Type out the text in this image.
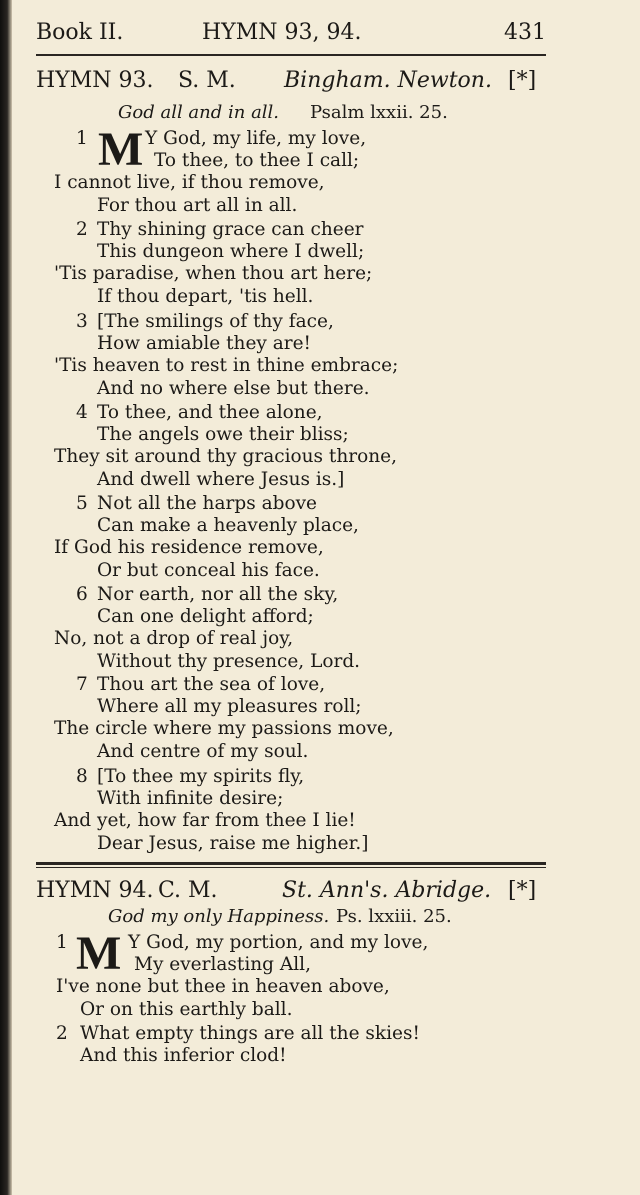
Book II.	HYMN 93, 94.	431
HYMN 93. S. M. Bingham. Newton. [*]
God all and in all. Psalm lxxii. 25.
1 M Y God, my life, my love,
To thee, to thee I call;
I cannot live, if thou remove,
For thou art all in all.
2 Thy shining grace can cheer
This dungeon where I dwell;
'Tis paradise, when thou art here;
If thou depart, 'tis hell.
3 [The smilings of thy face,
How amiable they are!
'Tis heaven to rest in thine embrace;
And no where else but there.
4 To thee, and thee alone,
The angels owe their bliss;
They sit around thy gracious throne,
And dwell where Jesus is.]
5 Not all the harps above
Can make a heavenly place,
If God his residence remove,
Or but conceal his face.
6 Nor earth, nor all the sky,
Can one delight afford;
No, not a drop of real joy,
Without thy presence, Lord.
7 Thou art the sea of love,
Where all my pleasures roll;
The circle where my passions move,
And centre of my soul.
8 [To thee my spirits fly,
With infinite desire;
And yet, how far from thee I lie!
Dear Jesus, raise me higher.]
HYMN 94. C. M.	St. Ann's. Abridge. [*]
God my only Happiness. Ps. lxxiii. 25.
1 M Y God, my portion, and my love,
My everlasting All,
I've none but thee in heaven above,
Or on this earthly ball.
2 What empty things are all the skies!
And this inferior clod!
